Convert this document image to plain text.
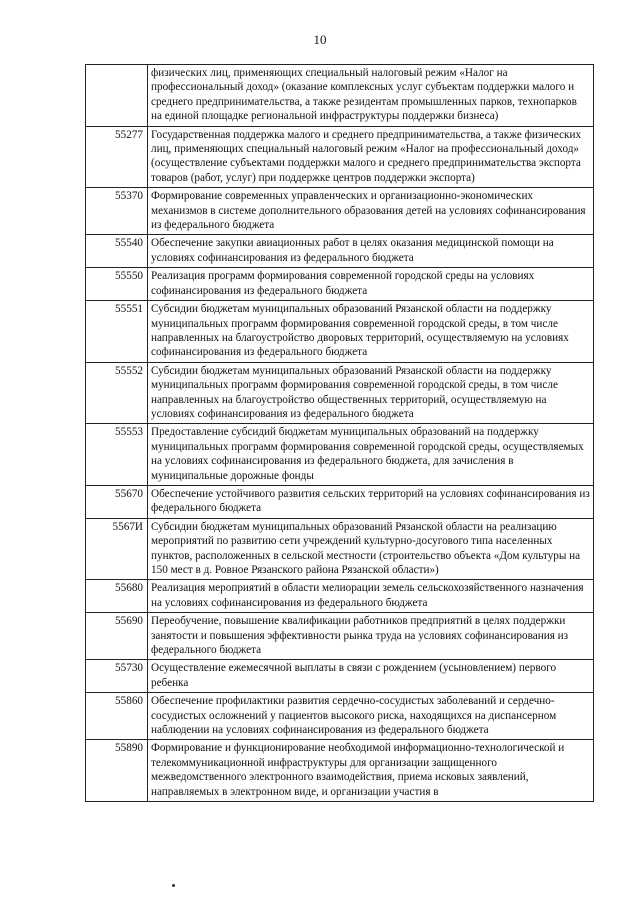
10
	физических лиц, применяющих специальный налоговый режим «Налог на профессиональный доход» (оказание комплексных услуг субъектам поддержки малого и среднего предпринимательства, а также резидентам промышленных парков, технопарков на единой площадке региональной инфраструктуры поддержки бизнеса)
55277	Государственная поддержка малого и среднего предпринимательства, а также физических лиц, применяющих специальный налоговый режим «Налог на профессиональный доход» (осуществление субъектами поддержки малого и среднего предпринимательства экспорта товаров (работ, услуг) при поддержке центров поддержки экспорта)
55370	Формирование современных управленческих и организационно-экономических механизмов в системе дополнительного образования детей на условиях софинансирования из федерального бюджета
55540	Обеспечение закупки авиационных работ в целях оказания медицинской помощи на условиях софинансирования из федерального бюджета
55550	Реализация программ формирования современной городской среды на условиях софинансирования из федерального бюджета
55551	Субсидии бюджетам муниципальных образований Рязанской области на поддержку муниципальных программ формирования современной городской среды, в том числе направленных на благоустройство дворовых территорий, осуществляемую на условиях софинансирования из федерального бюджета
55552	Субсидии бюджетам муниципальных образований Рязанской области на поддержку муниципальных программ формирования современной городской среды, в том числе направленных на благоустройство общественных территорий, осуществляемую на условиях софинансирования из федерального бюджета
55553	Предоставление субсидий бюджетам муниципальных образований на поддержку муниципальных программ формирования современной городской среды, осуществляемых на условиях софинансирования из федерального бюджета, для зачисления в муниципальные дорожные фонды
55670	Обеспечение устойчивого развития сельских территорий на условиях софинансирования из федерального бюджета
5567И	Субсидии бюджетам муниципальных образований Рязанской области на реализацию мероприятий по развитию сети учреждений культурно-досугового типа населенных пунктов, расположенных в сельской местности (строительство объекта «Дом культуры на 150 мест в д. Ровное Рязанского района Рязанской области»)
55680	Реализация мероприятий в области мелиорации земель сельскохозяйственного назначения на условиях софинансирования из федерального бюджета
55690	Переобучение, повышение квалификации работников предприятий в целях поддержки занятости и повышения эффективности рынка труда на условиях софинансирования из федерального бюджета
55730	Осуществление ежемесячной выплаты в связи с рождением (усыновлением) первого ребенка
55860	Обеспечение профилактики развития сердечно-сосудистых заболеваний и сердечно-сосудистых осложнений у пациентов высокого риска, находящихся на диспансерном наблюдении на условиях софинансирования из федерального бюджета
55890	Формирование и функционирование необходимой информационно-технологической и телекоммуникационной инфраструктуры для организации защищенного межведомственного электронного взаимодействия, приема исковых заявлений, направляемых в электронном виде, и организации участия в
